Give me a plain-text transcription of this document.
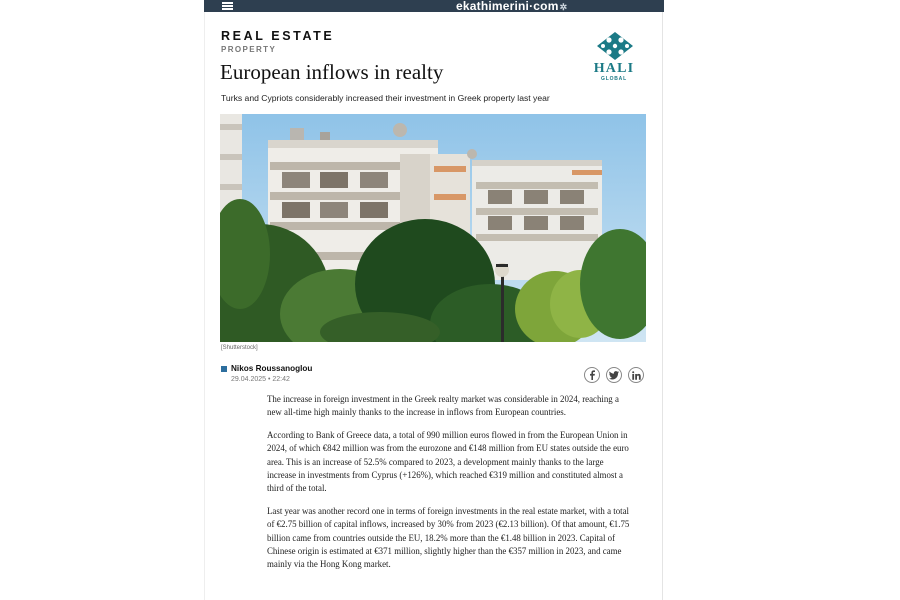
ekathimerini·com✲
REAL ESTATE
PROPERTY
European inflows in realty	HALI
GLOBAL
Turks and Cypriots considerably increased their investment in Greek property last year
[Shutterstock]
Nikos Roussanoglou
29.04.2025 • 22:42

The increase in foreign investment in the Greek realty market was considerable in 2024, reaching a new all-time high mainly thanks to the increase in inflows from European countries.

According to Bank of Greece data, a total of 990 million euros flowed in from the European Union in 2024, of which €842 million was from the eurozone and €148 million from EU states outside the euro area. This is an increase of 52.5% compared to 2023, a development mainly thanks to the large increase in investments from Cyprus (+126%), which reached €319 million and constituted almost a third of the total.

Last year was another record one in terms of foreign investments in the real estate market, with a total of €2.75 billion of capital inflows, increased by 30% from 2023 (€2.13 billion). Of that amount, €1.75 billion came from countries outside the EU, 18.2% more than the €1.48 billion in 2023. Capital of Chinese origin is estimated at €371 million, slightly higher than the €357 million in 2023, and came mainly via the Hong Kong market.
